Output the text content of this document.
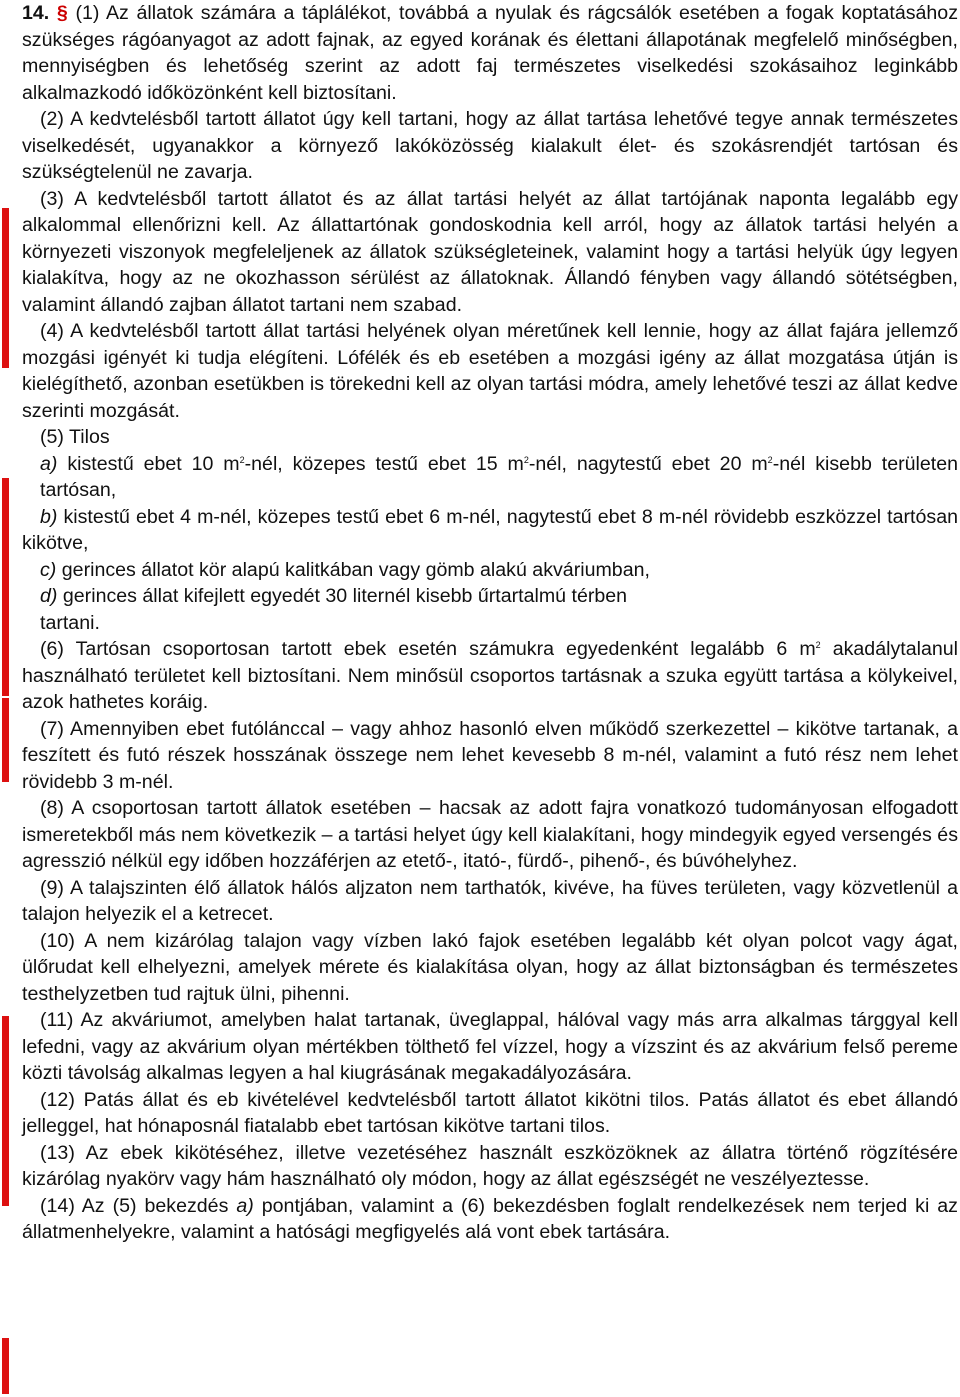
14. § (1) Az állatok számára a táplálékot, továbbá a nyulak és rágcsálók esetében a fogak koptatásához szükséges rágóanyagot az adott fajnak, az egyed korának és élettani állapotának megfelelő minőségben, mennyiségben és lehetőség szerint az adott faj természetes viselkedési szokásaihoz leginkább alkalmazkodó időközönként kell biztosítani.

(2) A kedvtelésből tartott állatot úgy kell tartani, hogy az állat tartása lehetővé tegye annak természetes viselkedését, ugyanakkor a környező lakóközösség kialakult élet- és szokásrendjét tartósan és szükségtelenül ne zavarja.

(3) A kedvtelésből tartott állatot és az állat tartási helyét az állat tartójának naponta legalább egy alkalommal ellenőrizni kell. Az állattartónak gondoskodnia kell arról, hogy az állatok tartási helyén a környezeti viszonyok megfeleljenek az állatok szükségleteinek, valamint hogy a tartási helyük úgy legyen kialakítva, hogy az ne okozhasson sérülést az állatoknak. Állandó fényben vagy állandó sötétségben, valamint állandó zajban állatot tartani nem szabad.

(4) A kedvtelésből tartott állat tartási helyének olyan méretűnek kell lennie, hogy az állat fajára jellemző mozgási igényét ki tudja elégíteni. Lófélék és eb esetében a mozgási igény az állat mozgatása útján is kielégíthető, azonban esetükben is törekedni kell az olyan tartási módra, amely lehetővé teszi az állat kedve szerinti mozgását.

(5) Tilos

a) kistestű ebet 10 $m^2$-nél, közepes testű ebet 15 $m^2$-nél, nagytestű ebet 20 $m^2$-nél kisebb területen tartósan,

b) kistestű ebet 4 m-nél, közepes testű ebet 6 m-nél, nagytestű ebet 8 m-nél rövidebb eszközzel tartósan kikötve,

c) gerinces állatot kör alapú kalitkában vagy gömb alakú akváriumban,

d) gerinces állat kifejlett egyedét 30 liternél kisebb űrtartalmú térben

tartani.

(6) Tartósan csoportosan tartott ebek esetén számukra egyedenként legalább 6 $m^2$ akadálytalanul használható területet kell biztosítani. Nem minősül csoportos tartásnak a szuka együtt tartása a kölykeivel, azok hathetes koráig.

(7) Amennyiben ebet futólánccal – vagy ahhoz hasonló elven működő szerkezettel – kikötve tartanak, a feszített és futó részek hosszának összege nem lehet kevesebb 8 m-nél, valamint a futó rész nem lehet rövidebb 3 m-nél.

(8) A csoportosan tartott állatok esetében – hacsak az adott fajra vonatkozó tudományosan elfogadott ismeretekből más nem következik – a tartási helyet úgy kell kialakítani, hogy mindegyik egyed versengés és agresszió nélkül egy időben hozzáférjen az etető-, itató-, fürdő-, pihenő-, és búvóhelyhez.

(9) A talajszinten élő állatok hálós aljzaton nem tarthatók, kivéve, ha füves területen, vagy közvetlenül a talajon helyezik el a ketrecet.

(10) A nem kizárólag talajon vagy vízben lakó fajok esetében legalább két olyan polcot vagy ágat, ülőrudat kell elhelyezni, amelyek mérete és kialakítása olyan, hogy az állat biztonságban és természetes testhelyzetben tud rajtuk ülni, pihenni.

(11) Az akváriumot, amelyben halat tartanak, üveglappal, hálóval vagy más arra alkalmas tárggyal kell lefedni, vagy az akvárium olyan mértékben tölthető fel vízzel, hogy a vízszint és az akvárium felső pereme közti távolság alkalmas legyen a hal kiugrásának megakadályozására.

(12) Patás állat és eb kivételével kedvtelésből tartott állatot kikötni tilos. Patás állatot és ebet állandó jelleggel, hat hónaposnál fiatalabb ebet tartósan kikötve tartani tilos.

(13) Az ebek kikötéséhez, illetve vezetéséhez használt eszközöknek az állatra történő rögzítésére kizárólag nyakörv vagy hám használható oly módon, hogy az állat egészségét ne veszélyeztesse.

(14) Az (5) bekezdés a) pontjában, valamint a (6) bekezdésben foglalt rendelkezések nem terjed ki az állatmenhelyekre, valamint a hatósági megfigyelés alá vont ebek tartására.
